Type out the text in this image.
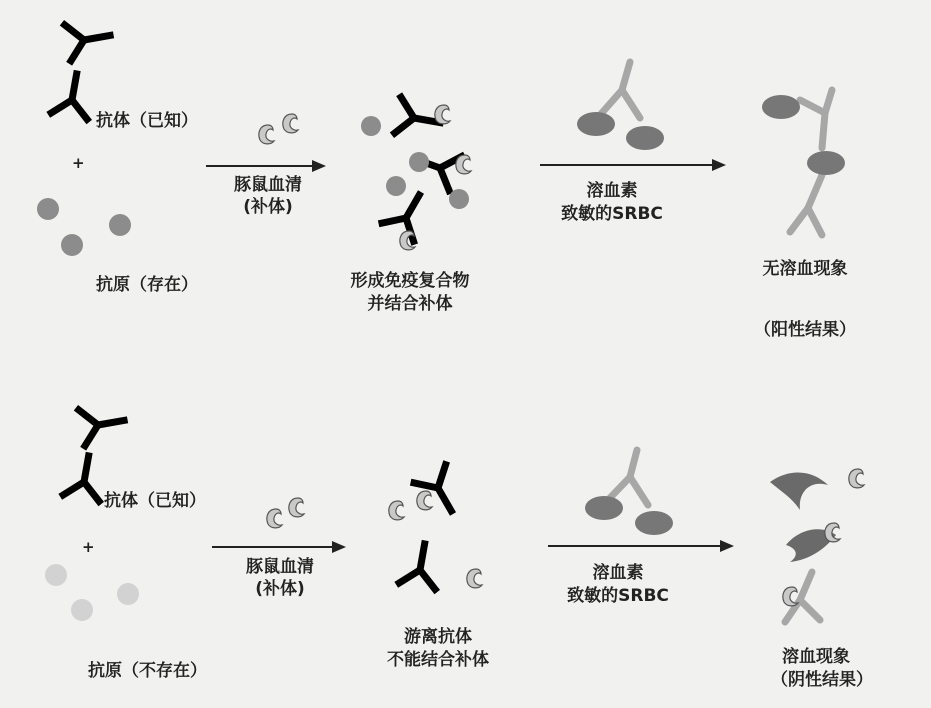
抗体（已知）
+
抗原（存在）
豚鼠血清
(补体)
形成免疫复合物
并结合补体
溶血素
致敏的SRBC
无溶血现象
（阳性结果）
抗体（已知）
+
抗原（不存在）
豚鼠血清
(补体)
游离抗体
不能结合补体
溶血素
致敏的SRBC
溶血现象
（阴性结果）
